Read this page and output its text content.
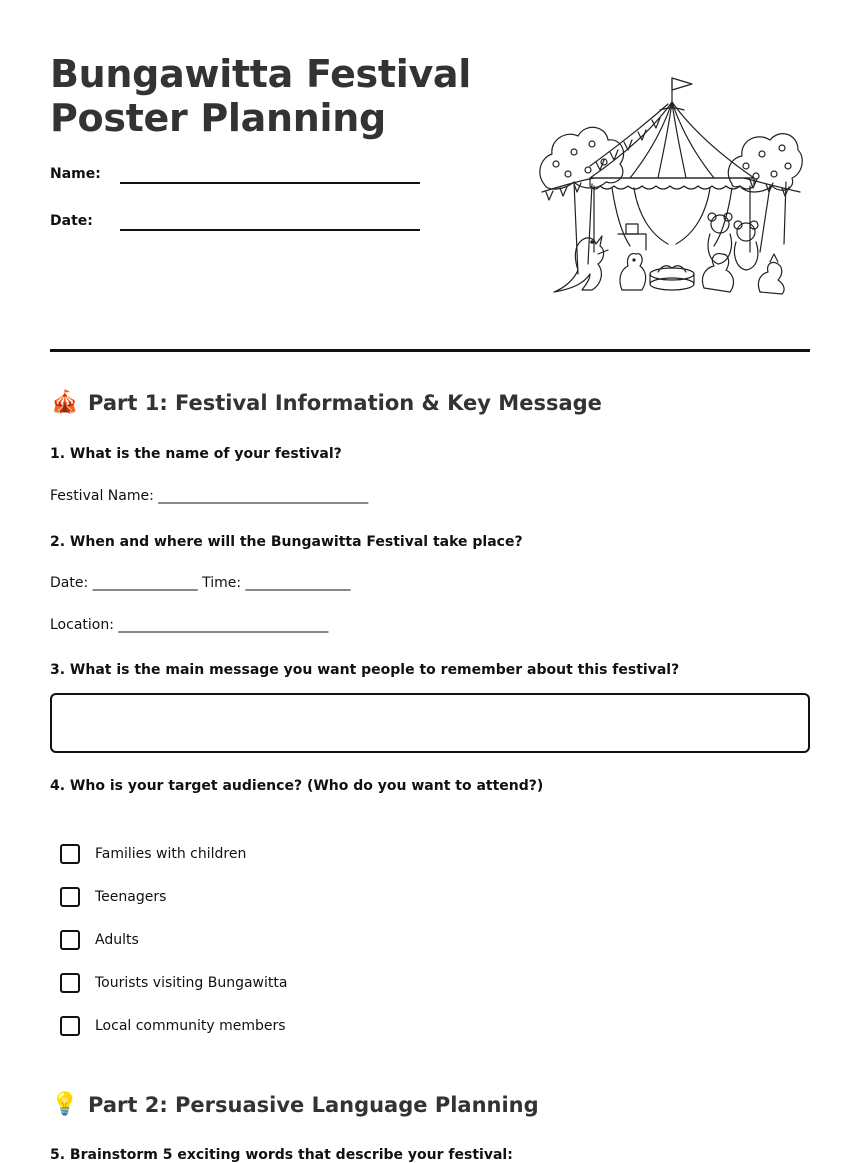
Bungawitta Festival
Poster Planning
Name:
Date:
🎪 Part 1: Festival Information & Key Message

1. What is the name of your festival?

Festival Name: ______________________________

2. When and where will the Bungawitta Festival take place?

Date: _______________ Time: _______________
Location: ______________________________

3. What is the main message you want people to remember about this festival?

4. Who is your target audience? (Who do you want to attend?)

Families with children
Teenagers
Adults
Tourists visiting Bungawitta
Local community members
💡 Part 2: Persuasive Language Planning

5. Brainstorm 5 exciting words that describe your festival:
